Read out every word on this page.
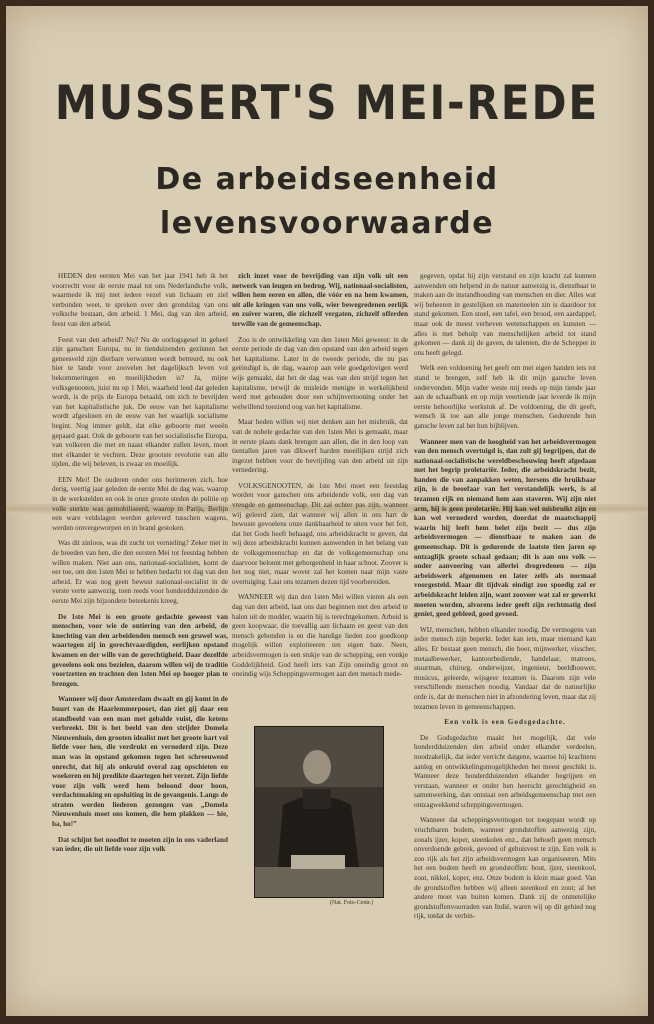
MUSSERT'S MEI-REDE
De arbeidseenheid
levensvoorwaarde

HEDEN den eersten Mei van het jaar 1941 heb ik het voorrecht voor de eerste maal tot ons Nederlandsche volk, waarmede ik mij met iedere vezel van lichaam en ziel verbonden weet, te spreken over den grondslag van ons volksche bestaan, den arbeid. 1 Mei, dag van den arbeid, feest van den arbeid.

Feest van den arbeid? Nu? Nu de oorlogsgesel in geheel zijn ganschen Europa, nu in tienduizenden gezinnen het geneesveld zijn dierbare verwanten wordt betreurd, nu ook hier te lande voor zoovelen het dagelijksch leven vol bekommeringen en moeilijkheden is? Ja, mijne volksgenooten, juist nu op 1 Mei, waarheid leed dat geleden wordt, is de prijs de Europa betaald, om zich te bevrijden van het kapitalistische juk. De eeuw van het kapitalisme wordt afgesloten en de eeuw van het waarlijk socialisme begint. Nog immer geldt, dat elke geboorte met weeën gepaard gaat. Ook de geboorte van het socialistische Europa, van volkeren die met en naast elkander zullen leven, moet met elkander te vechten. Deze grootste revolutie van alle tijden, die wij beleven, is zwaar en moeilijk.

EEN Mei! De ouderen onder ons herinneren zich, hoe derig, veertig jaar geleden de eerste Mei de dag was, waarop in de werkstelden en ook in onze groote steden de politie op volle sterkte was gemobiliseerd, waarop in Parijs, Berlijn een ware veldslagen werden geleverd tusschen wagens, werden omvergeworpen en in brand gestoken.

Was dit zinloos, was dit zucht tot vernieling? Zeker niet in de breeden van hen, die den eersten Mei tot feestdag hebben willen maken. Niet aan ons, nationaal-socialisten, komt de eer toe, om den 1sten Mei te hebben bedacht tot dag van den arbeid. Er was nog geen bewust nationaal-socialist in de verste verte aanwezig, toen reeds voor honderdduizenden de eerste Mei zijn bijzondere beteekenis kreeg.

De 1ste Mei is een groote gedachte geweest van menschen, voor wie de ontiering van den arbeid, de knechting van den arbeidenden mensch een gruwel was, waartegen zij in gerechtvaardigden, eerlijken opstand kwamen en der wille van de gerechtigheid. Daar dezelfde gevoelens ook ons bezielen, daarom willen wij de traditie voortzetten en trachten den 1sten Mei op hooger plan te brengen.

Wanneer wij door Amsterdam dwaalt en gij komt in de buurt van de Haarlemmerpoort, dan ziet gij daar een standbeeld van een man met gebalde vuist, die ketens verbreekt. Dit is het beeld van den strijder Domela Nieuwenhuis, den grooten idealist met het groote hart vol liefde voor hen, die verdrukt en vernederd zijn. Deze man was in opstand gekomen tegen het schreeuwend onrecht, dat hij als onkruid overal zag opschieten en woekeren en hij predikte daartegen het verzet. Zijn liefde voor zijn volk werd hem beloond door hoon, verdachtmaking en opsluiting in de gevangenis. Langs de straten werden liederen gezongen van „Domela Nieuwenhuis moet ons komen, die hem plakken — hie, ha, ho!”

Dat schijnt het noodlot te moeten zijn in ons vaderland van ieder, die uit liefde voor zijn volk

zich inzet voor de bevrijding van zijn volk uit een netwerk van leugen en bedrog. Wij, nationaal-socialisten, willen hem eeren en allen, die vóór en na hem kwamen, uit alle kringen van ons volk, wier bewegredenen eerlijk en zuiver waren, die zichzelf vergaten, zichzelf offerden terwille van de gemeenschap.

Zoo is de ontwikkeling van den 1sten Mei geweest: in de eerste periode de dag van den opstand van den arbeid tegen het kapitalisme. Later in de tweede periode, die nu pas geëindigd is, de dag, waarop aan vele goedgelovigen werd wijs gemaakt, dat het de dag was van den strijd tegen het kapitalisme, terwijl de misleide menigte in werkelijkheid werd met gehouden door een schijnvertooning onder het welwillend toeziend oog van het kapitalisme.

Maar heden willen wij niet denken aan het misbruik, dat van de nobele gedachte van den 1sten Mei is gemaakt, maar in eerste plaats dank brengen aan allen, die in den loop van tientallen jaren van dikwerf harden moeilijken strijd zich ingezet hebben voor de bevrijding van den arbeid uit zijn vernedering.

VOLKSGENOOTEN, de 1ste Mei moet een feestdag worden voor ganschen ons arbeidende volk, een dag van vreugde en gemeenschap. Dit zal echter pas zijn, wanneer wij geleerd zien, dat wanneer wij allen in ons hart de bewuste gevoelens onze dankbaarheid te uiten voor het feit, dat het Gods heeft behaagd, ons arbeidskracht te geven, dat wij deze arbeidskracht kunnen aanwenden in het belang van de volksgemeenschap en dat de volksgemeenschap ons daarvoor beloont met geborgenheid in haar schoot. Zoover is het nog niet, maar wover zal het komen naar mijn vaste overtuiging. Laat ons tezamen dezen tijd voorbereiden.

WANNEER wij dan den 1sten Mei willen vieren als een dag van den arbeid, laat ons dan beginnen met den arbeid te halen uit de modder, waarin hij is terechtgekomen. Arbeid is geen koopwaar, die toevallig aan lichaam en geest van den mensch gebonden is en die handige lieden zoo goedkoop mogelijk willen exploiteeren ten eigen bate. Neen, arbeidsvermogen is een stukje van de schepping, een vonkje Goddelijkheid. God heeft iets van Zijn oneindig groot en oneindig wijs Scheppingsvermogen aan den mensch mede-

gegeven, opdat hij zijn verstand en zijn kracht zal kunnen aanwenden om helpend in de natuur aanwezig is, dienstbaar te maken aan de instandhouding van menschen en dier. Alles wat wij beheeren in gestelijken en materieelen zin is daardoor tot stand gekomen. Een stoel, een tafel, een brood, een aardappel, maar ook de meest verheven wetenschappen en kunsten — alles is met behulp van menschelijken arbeid tot stand gekomen — dank zij de gaven, de talenten, die de Schepper in ons heeft gelegd.

Welk een voldoening het geeft om met eigen handen iets tot stand te brengen, zelf heb ik dit mijn gansche leven ondervonden. Mijn vader weste mij reeds op mijn tiende jaar aan de schaafbank en op mijn veertiende jaar leverde ik mijn eerste behoorlijke werkstuk af. De voldoening, die dit geeft, wensch ik toe aan alle jonge menschen. Gedurende hun gansche leven zal het hun bijblijven.

Wanneer men van de hoogheid van het arbeidsvermogen van den mensch overtuigd is, dan zult gij begrijpen, dat de nationaal-socialistische wereldbeschouwing heeft afgedaan met het begrip proletariër. Ieder, die arbeidskracht bezit, handen die van aanpakken weten, hersens die bruikbaar zijn, is de beoefaar van het verstandelijk werk, is al tezamen rijk en niemand hem aan staveren. Wij zijn niet arm, hij is geen proletariër. Hij kan wel misbruikt zijn en kan wel vernederd worden, doordat de maatschappij waarin hij leeft hem belet zijn bezit — dus zijn arbeidsvermogen — dienstbaar te maken aan de gemeenschap. Dit is gedurende de laatste tien jaren op ontzaglijk groote schaal gedaan; dit is aan ons volk — onder aanvoering van allerlei drogredenen — zijn arbeidswerk afgenomen en later zelfs als normaal voorgesteld. Maar dit tijdvak eindigt zoo spoedig zal er arbeidskracht leiden zijn, want zooveer wat zal er gewerkt moeten worden, alvorens ieder geeft zijn rechtmatig deel geniet, goed gebleed, goed gevoed.

WIJ, menschen, hebben elkander noodig. De vermogens van ieder mensch zijn beperkt. Ieder kan iets, maar niemand kan alles. Er bestaat geen mensch, die boer, mijnwerker, visscher, metaalbewerker, kantoorbediende, handelaar, matroos, stuurman, chirurg, onderwijzer, ingenieur, beeldhouwer, musicus, geleerde, wijsgeer tezamen is. Daarom zijn vele verschillende menschen noodig. Vandaar dat de natuurlijke orde is, dat de menschen niet in afzondering leven, maar dat zij tezamen leven in gemeenschappen.

Een volk is een Godsgedachte.

De Godsgedachte maakt het mogelijk, dat vele honderdduizenden den arbeid onder elkander verdeelen, noodzakelijk, dat ieder verricht datgene, waartoe hij krachtens aanleg en ontwikkelingsmogelijkheden het meest geschikt is. Wanneer deze honderdduizenden elkander begrijpen en verstaan, wanneer er onder hen heerscht gerechtigheid en samenwerking, dan ontstaat een arbeidsgemeenschap met een ontzagwekkend scheppingsvermogen.

Wanneer dat scheppingsvermogen tot toegepast wordt op vruchtbaren bodem, wanneer grondstoffen aanwezig zijn, zooals ijzer, koper, steenkolen enz., dan behoeft geen mensch onverdoende gebrek, gevoed of gehuisvest te zijn. Een volk is zoo rijk als het zijn arbeidsvermogen kan organiseeren. Mits het een bodem heeft en grondstoffen: hout, ijzer, steenkool, zout, nikkel, koper, enz. Onze bodem is klein maar goed. Van de grondstoffen hebben wij alleen steenkool en zout; al het andere moet van buiten komen. Dank zij de onmetelijke grondstoffenvoorraden van Indië, waren wij op dit gebied nog rijk, totdat de verbin-

(Nat. Foto-Centr.)
